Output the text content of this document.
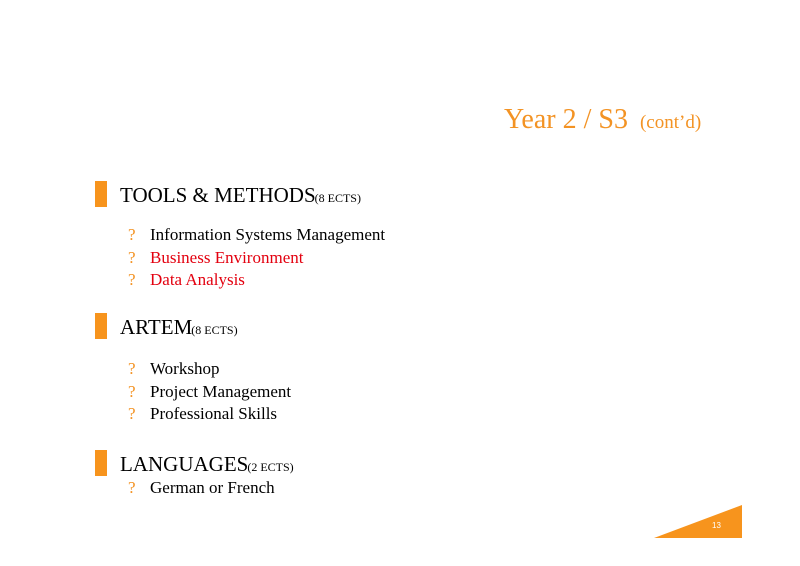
Year 2 / S3 (cont’d)
TOOLS & METHODS (8 ECTS)
? Information Systems Management
? Business Environment
? Data Analysis
ARTEM (8 ECTS)
? Workshop
? Project Management
? Professional Skills
LANGUAGES (2 ECTS)
? German or French
13
